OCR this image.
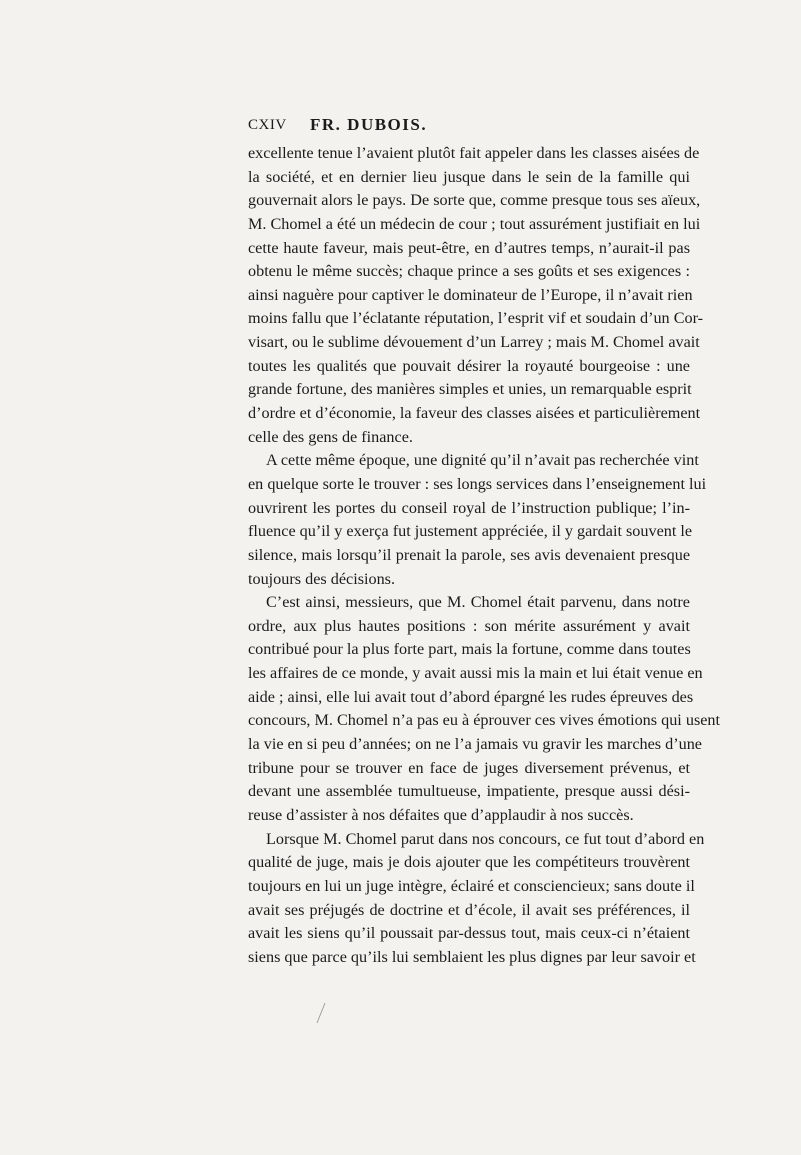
CXIV FR. DUBOIS.
excellente tenue l’avaient plutôt fait appeler dans les classes aisées de
la société, et en dernier lieu jusque dans le sein de la famille qui
gouvernait alors le pays. De sorte que, comme presque tous ses aïeux,
M. Chomel a été un médecin de cour ; tout assurément justifiait en lui
cette haute faveur, mais peut-être, en d’autres temps, n’aurait-il pas
obtenu le même succès; chaque prince a ses goûts et ses exigences :
ainsi naguère pour captiver le dominateur de l’Europe, il n’avait rien
moins fallu que l’éclatante réputation, l’esprit vif et soudain d’un Cor-
visart, ou le sublime dévouement d’un Larrey ; mais M. Chomel avait
toutes les qualités que pouvait désirer la royauté bourgeoise : une
grande fortune, des manières simples et unies, un remarquable esprit
d’ordre et d’économie, la faveur des classes aisées et particulièrement
celle des gens de finance.
A cette même époque, une dignité qu’il n’avait pas recherchée vint
en quelque sorte le trouver : ses longs services dans l’enseignement lui
ouvrirent les portes du conseil royal de l’instruction publique; l’in-
fluence qu’il y exerça fut justement appréciée, il y gardait souvent le
silence, mais lorsqu’il prenait la parole, ses avis devenaient presque
toujours des décisions.
C’est ainsi, messieurs, que M. Chomel était parvenu, dans notre
ordre, aux plus hautes positions : son mérite assurément y avait
contribué pour la plus forte part, mais la fortune, comme dans toutes
les affaires de ce monde, y avait aussi mis la main et lui était venue en
aide ; ainsi, elle lui avait tout d’abord épargné les rudes épreuves des
concours, M. Chomel n’a pas eu à éprouver ces vives émotions qui usent
la vie en si peu d’années; on ne l’a jamais vu gravir les marches d’une
tribune pour se trouver en face de juges diversement prévenus, et
devant une assemblée tumultueuse, impatiente, presque aussi dési-
reuse d’assister à nos défaites que d’applaudir à nos succès.
Lorsque M. Chomel parut dans nos concours, ce fut tout d’abord en
qualité de juge, mais je dois ajouter que les compétiteurs trouvèrent
toujours en lui un juge intègre, éclairé et consciencieux; sans doute il
avait ses préjugés de doctrine et d’école, il avait ses préférences, il
avait les siens qu’il poussait par-dessus tout, mais ceux-ci n’étaient
siens que parce qu’ils lui semblaient les plus dignes par leur savoir et
